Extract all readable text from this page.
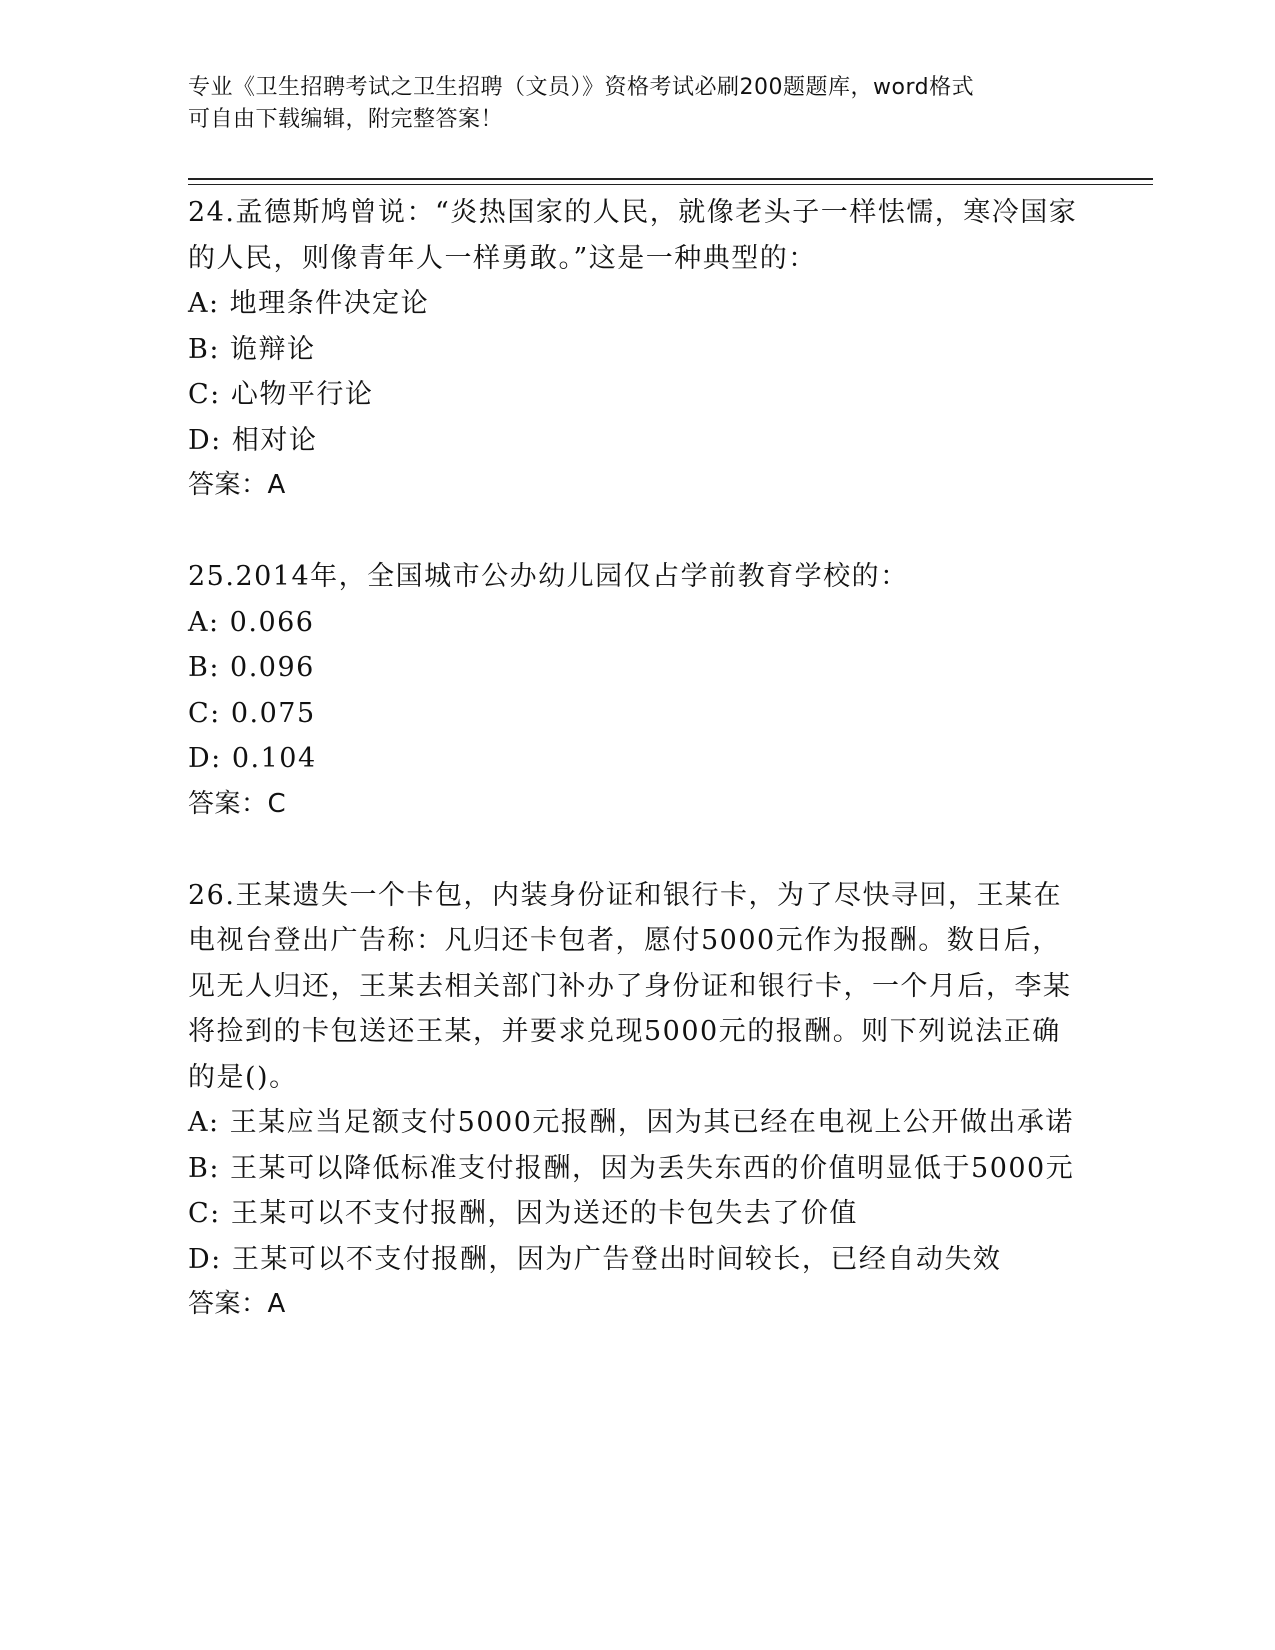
专业《卫生招聘考试之卫生招聘（文员）》资格考试必刷200题题库，word格式
可自由下载编辑，附完整答案！

24.孟德斯鸠曾说：“炎热国家的人民，就像老头子一样怯懦，寒冷国家的人民，则像青年人一样勇敢。”这是一种典型的：

A: 地理条件决定论

B: 诡辩论

C: 心物平行论

D: 相对论

答案：A

25.2014年，全国城市公办幼儿园仅占学前教育学校的：

A: 0.066

B: 0.096

C: 0.075

D: 0.104

答案：C

26.王某遗失一个卡包，内装身份证和银行卡，为了尽快寻回，王某在电视台登出广告称：凡归还卡包者，愿付5000元作为报酬。数日后，见无人归还，王某去相关部门补办了身份证和银行卡，一个月后，李某将捡到的卡包送还王某，并要求兑现5000元的报酬。则下列说法正确的是()。

A: 王某应当足额支付5000元报酬，因为其已经在电视上公开做出承诺

B: 王某可以降低标准支付报酬，因为丢失东西的价值明显低于5000元

C: 王某可以不支付报酬，因为送还的卡包失去了价值

D: 王某可以不支付报酬，因为广告登出时间较长，已经自动失效

答案：A
